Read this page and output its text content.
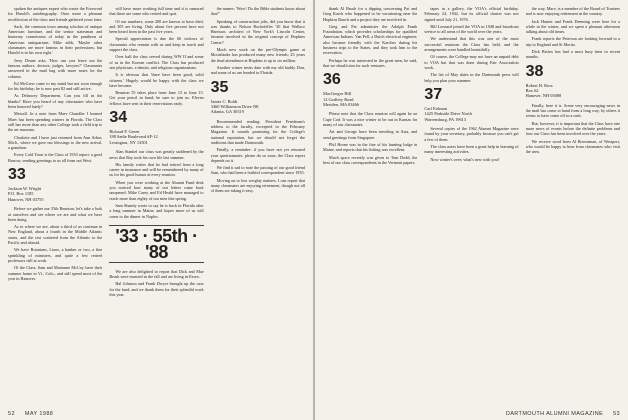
spoken the antiques expert who wrote the Foreword for Harold's autobiography. Once more a pleasant recollection of the class and friends gathered years later.

Sack, the common town among scholars of antique American furniture, and the senior statesman and honorary connoisseur of today in the pantheon of American antiquarians. Mike adds, 'Maybe other classmates are more famous in their professions, but Harold is in his own right.'

Jerry Deane asks, 'How can you leave out the famous authors, doctors, judges, lawyers?' Classmates answered in the mail bag with more notes for the column.

Ed McGrew came to my mind but not soon enough for his birthday; he is now past 82 and still active.

As Delancey Department, Can you fill in the blanks? Have you heard of any classmates who have been honored lately?

Metcalf. In a note from Marv Chandler I learned Marv has been spending winters in Florida. The Class still has more than any other College took a field trip to the art museum.

Charlotte and I have just returned from Ann Arbor, Mich., where we gave our blessings to the new arrival, a grandson.

Every Cold Trout is the Class of 1933 report: a good Barrow, sending greetings to us all from out West.

33
Jackson W. Wright
P.O. Box 1185
Hanover, NH 03755

Before we gather our 55th Reunion, let's take a look at ourselves and see where we are and what we have been doing.

As to where we are, about a third of us continue in New England, about a fourth in the Middle Atlantic states, and the rest scattered from the Atlantic to the Pacific and abroad.

We have Rotarians, Lions, a banker or two, a fine sprinkling of ministers, and quite a few retired professors still at work.

Of the Class, Sam and Marianne McCoy have their summer home in Vt., Colo., and still spend most of the year in Hanover.

will have more working full time and it is rumored that there are some who retired and quit.

Of our numbers, some 200 are known to have died, and 305 are living. Only about five percent have not been heard from in the past five years.

Special appreciation is due the 66 widows of classmates who remain with us and keep in touch and support the class.

Over half the class served during WW II and some of us in the Korean conflict. The Class has produced one physician, a dentist, and religious organizations.

It is obvious that 'there have been good, solid citizens.' Hugely would be happy with the class we have become.

Reunion 55 takes place from June 13 to June 15. Get your pencil in hand; be sure to join us. Eleven fellows have sent in their reservations early.

34
Richard F. Green
188 Sadie Boulevard #F-12
Lexington, NY 13501

Alan Stankel our class was greatly saddened by the news that Ray took his own life last summer.

His family writes that he had retired from a long career in insurance and will be remembered by many of us for his good humor at every reunion.

When you were working at the Alumni Fund desk you noticed how many of our letters came back unopened. Mike Carey and Ed Heald have managed to reach more than eighty of our men this spring.

Sam Shandy wrote to say he is back in Florida after a long summer in Maine, and hopes more of us will come to the dinner in Naples.

'33 · 55th · '88

We are also delighted to report that Dick and Mae Brush were married in the fall and are living in Essex.

Hal Johnson and Frank Dwyer brought up the case for the fund, and we thank them for their splendid work this year.

the names: 'Wow! Do the Bible students know about that?'

Speaking of construction jobs, did you know that it was thanks to Nelson Rockefeller '30 that Wallace Harrison, architect of New York's Lincoln Center, became involved in the original concept of Hopkins Center?

Much new work on the pre-Olympic game at Moosilauke has produced many new friends; 25 years the final attendance at Hopkins is up to six million.

Another winter treats date with my old buddy Don, and some of us are headed to Florida.

35
James C. Boldt
3460 Williamson Drive NE
Atlanta, GA 30319

Recommended reading: President Freedman's address to the faculty, excerpted in the February Magazine. It sounds promising for the College's national reputation, but we should not forget the traditions that made Dartmouth.

Finally, a reminder: if you have not yet returned your questionnaire, please do so soon; the Class report depends on it.

We find it sad to note the passing of our good friend Sam, who had been a faithful correspondent since 1935.

Moving on to less weighty matters, I can report that many classmates are enjoying retirement, though not all of them are taking it easy.

52 MAY 1988

thank Al Brush for a dipping concerning Pat and Greg Karch who happened to be vacationing near the Hopkins Ranch and a project they are involved in.

Greg and Pat administer the Adolph Frank Foundation, which provides scholarships for qualified American Indians. Van Pell, a Dutch electrical engineer, also became friendly with the Karches during his business trips to the States, and they took him to the reservation.

Perhaps he was interested in the great men, he said, that we should aim for such ventures.

36
MacGregor Hill
12 Godfrey Road
Meriden, MA 03466

Please note that the Class reunion will again be on Cape Cod. It was a nice winter to be out in Kansas for many of our classmates.

Art and George have been traveling in Asia, and send greetings from Singapore.

Phil Horne was in the fine of his hunting lodge in Maine, and reports that his fishing was excellent.

Much space recently was given to Tom Dodd, the best of our class correspondents in the Vermont papers.

tapes in a gallery, the VOA's official birthday, February 24, 1942, but its official charter was not signed until July 21, 1976.

Bill Leonard joined the VOA in 1948 and broadcast service to all areas of the world over the years.

We understand that this was one of the most successful reunions the Class has held, and the arrangements were handled beautifully.

Of course, the College may not have an unpaid debt to VOA but that was done during Fair Association work.

The list of May dates in the Dartmouth press will help you plan your summer.

37
Carl Erdman
1425 Parkside Drive North
Warrensburg, PA 19613

Several copies of the 1962 Alumni Magazine were found by your secretary, probably because you can't get a few of them.

The class notes have been a great help in learning of many interesting activities.

Now winter's over; what's new with you?

the way, Marv, is a member of the Board of Trustees and is now enjoying retirement in the country.

Jack Hunter and Frank Deeming were here for a while in the winter, and we spent a pleasant afternoon talking about old times.

Frank reports the Peterson are looking forward to a trip to England and St Moritz.

Dick Bisfox has had a most busy time in recent months.

38
Robert H. Ross
Box 62
Hanover, NH 03088

Finally, here it is. Some very encouraging news in the mail has come to hand from a long way, by others it seems to have come off in a rush.

But, however, it is important that the Class have one more news of events before the definite problems and how our Class has been involved over the years.

We receive word from Al Brownman, of Westport, who would be happy to hear from classmates who visit the area.

DARTMOUTH ALUMNI MAGAZINE 53
